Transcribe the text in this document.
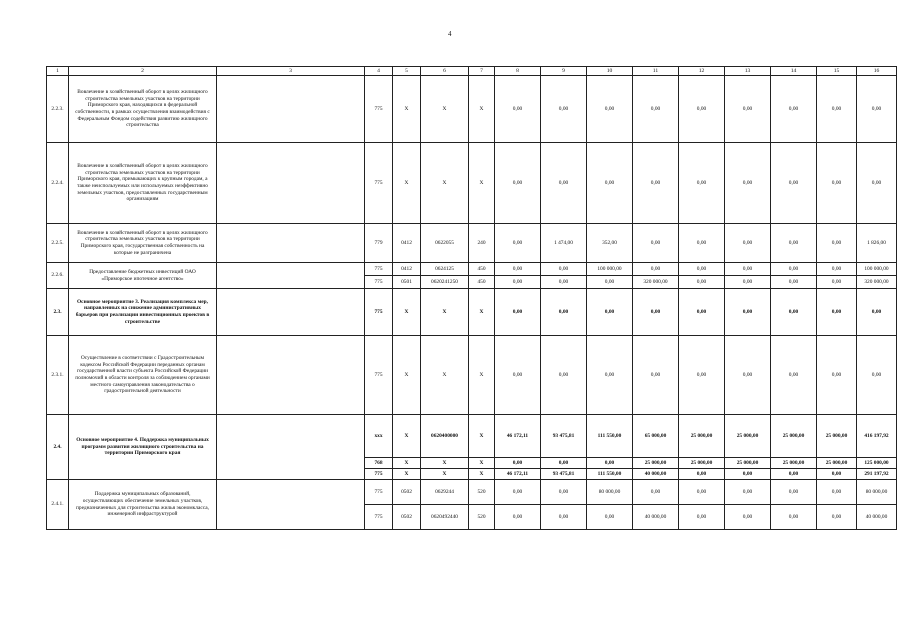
4
1	2	3	4	5	6	7	8	9	10	11	12	13	14	15	16
2.2.3.	Вовлечение в хозяйственный оборот в целях жилищного строительства земельных участков на территории Приморского края, находящихся в федеральной собственности, в рамках осуществления взаимодействия с Федеральным Фондом содействия развитию жилищного строительства		775	X	X	X	0,00	0,00	0,00	0,00	0,00	0,00	0,00	0,00	0,00
2.2.4.	Вовлечение в хозяйственный оборот в целях жилищного строительства земельных участков на территории Приморского края, примыкающих к крупным городам, а также неиспользуемых или используемых неэффективно земельных участков, предоставленных государственным организациям		775	X	X	X	0,00	0,00	0,00	0,00	0,00	0,00	0,00	0,00	0,00
2.2.5.	Вовлечение в хозяйственный оборот в целях жилищного строительства земельных участков на территории Приморского края, государственная собственность на которые не разграничена		779	0412	0622055	240	0,00	1 474,00	352,00	0,00	0,00	0,00	0,00	0,00	1 826,00
2.2.6.	Предоставление бюджетных инвестиций ОАО «Приморское ипотечное агентство»		775	0412	0624125	450	0,00	0,00	100 000,00	0,00	0,00	0,00	0,00	0,00	100 000,00
			775	0501	0620241250	450	0,00	0,00	0,00	320 000,00	0,00	0,00	0,00	0,00	320 000,00
2.3.	Основное мероприятие 3. Реализация комплекса мер, направленных на снижение административных барьеров при реализации инвестиционных проектов в строительстве		775	X	X	X	0,00	0,00	0,00	0,00	0,00	0,00	0,00	0,00	0,00
2.3.1.	Осуществление в соответствии с Градостроительным кодексом Российской Федерации переданных органам государственной власти субъекта Российской Федерации полномочий в области контроля за соблюдением органами местного самоуправления законодательства о градостроительной деятельности		775	X	X	X	0,00	0,00	0,00	0,00	0,00	0,00	0,00	0,00	0,00
2.4.	Основное мероприятие 4. Поддержка муниципальных программ развития жилищного строительства на территории Приморского края		ххх	X	0620400000	X	46 172,11	93 475,81	111 550,00	65 000,00	25 000,00	25 000,00	25 000,00	25 000,00	416 197,92
			768	X	X	X	0,00	0,00	0,00	25 000,00	25 000,00	25 000,00	25 000,00	25 000,00	125 000,00
			775	X	X	X	46 172,11	93 475,81	111 550,00	40 000,00	0,00	0,00	0,00	0,00	291 197,92
2.4.1.	Поддержка муниципальных образований, осуществляющих обеспечение земельных участков, предназначенных для строительства жилья экономкласса, инженерной инфраструктурой		775	0502	0629244	520	0,00	0,00	80 000,00	0,00	0,00	0,00	0,00	0,00	80 000,00
			775	0502	0620492440	520	0,00	0,00	0,00	40 000,00	0,00	0,00	0,00	0,00	40 000,00
